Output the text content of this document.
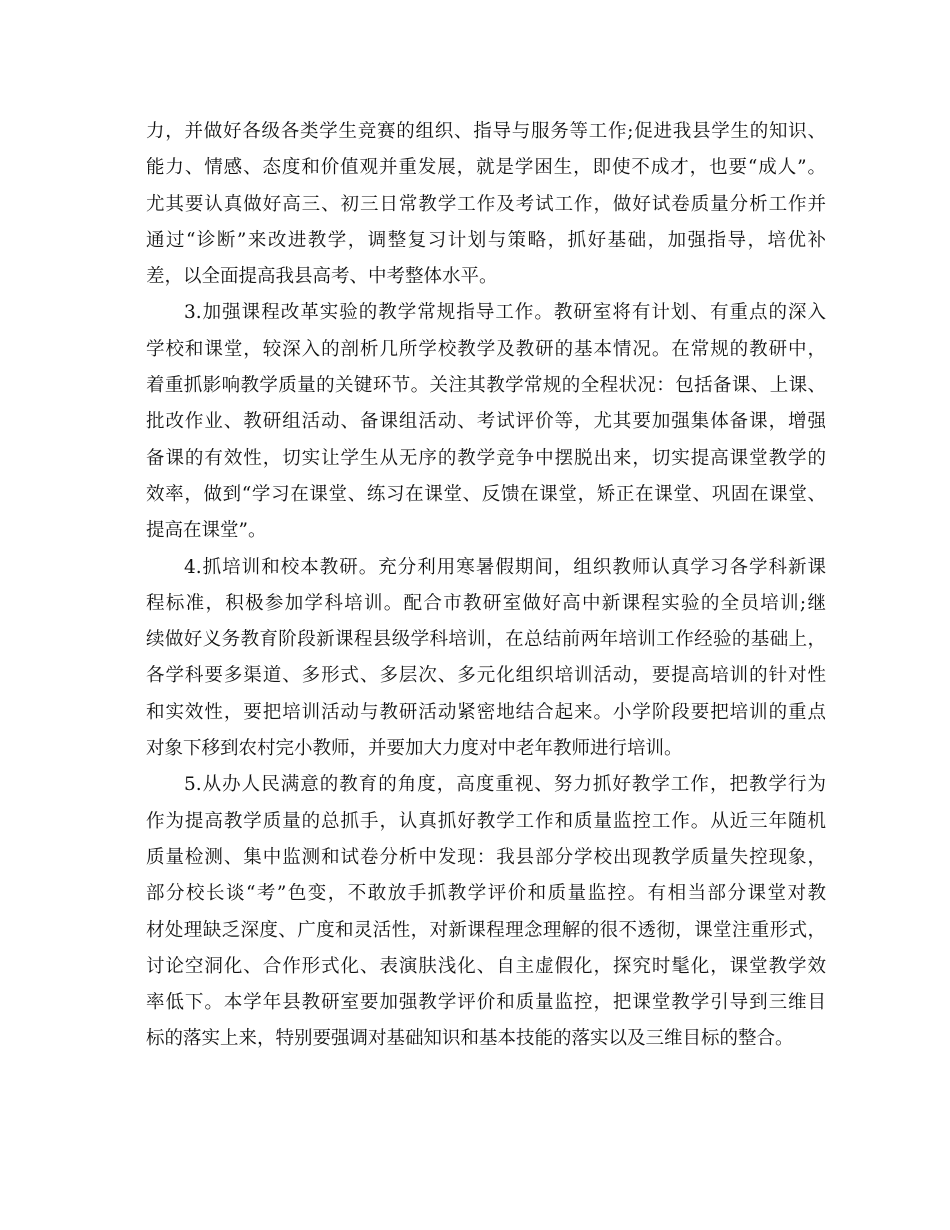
力，并做好各级各类学生竞赛的组织、指导与服务等工作;促进我县学生的知识、
能力、情感、态度和价值观并重发展，就是学困生，即使不成才，也要“成人”。
尤其要认真做好高三、初三日常教学工作及考试工作，做好试卷质量分析工作并
通过“诊断”来改进教学，调整复习计划与策略，抓好基础，加强指导，培优补
差，以全面提高我县高考、中考整体水平。
3.加强课程改革实验的教学常规指导工作。教研室将有计划、有重点的深入
学校和课堂，较深入的剖析几所学校教学及教研的基本情况。在常规的教研中，
着重抓影响教学质量的关键环节。关注其教学常规的全程状况：包括备课、上课、
批改作业、教研组活动、备课组活动、考试评价等，尤其要加强集体备课，增强
备课的有效性，切实让学生从无序的教学竞争中摆脱出来，切实提高课堂教学的
效率，做到“学习在课堂、练习在课堂、反馈在课堂，矫正在课堂、巩固在课堂、
提高在课堂”。
4.抓培训和校本教研。充分利用寒暑假期间，组织教师认真学习各学科新课
程标准，积极参加学科培训。配合市教研室做好高中新课程实验的全员培训;继
续做好义务教育阶段新课程县级学科培训，在总结前两年培训工作经验的基础上，
各学科要多渠道、多形式、多层次、多元化组织培训活动，要提高培训的针对性
和实效性，要把培训活动与教研活动紧密地结合起来。小学阶段要把培训的重点
对象下移到农村完小教师，并要加大力度对中老年教师进行培训。
5.从办人民满意的教育的角度，高度重视、努力抓好教学工作，把教学行为
作为提高教学质量的总抓手，认真抓好教学工作和质量监控工作。从近三年随机
质量检测、集中监测和试卷分析中发现：我县部分学校出现教学质量失控现象，
部分校长谈“考”色变，不敢放手抓教学评价和质量监控。有相当部分课堂对教
材处理缺乏深度、广度和灵活性，对新课程理念理解的很不透彻，课堂注重形式，
讨论空洞化、合作形式化、表演肤浅化、自主虚假化，探究时髦化，课堂教学效
率低下。本学年县教研室要加强教学评价和质量监控，把课堂教学引导到三维目
标的落实上来，特别要强调对基础知识和基本技能的落实以及三维目标的整合。
